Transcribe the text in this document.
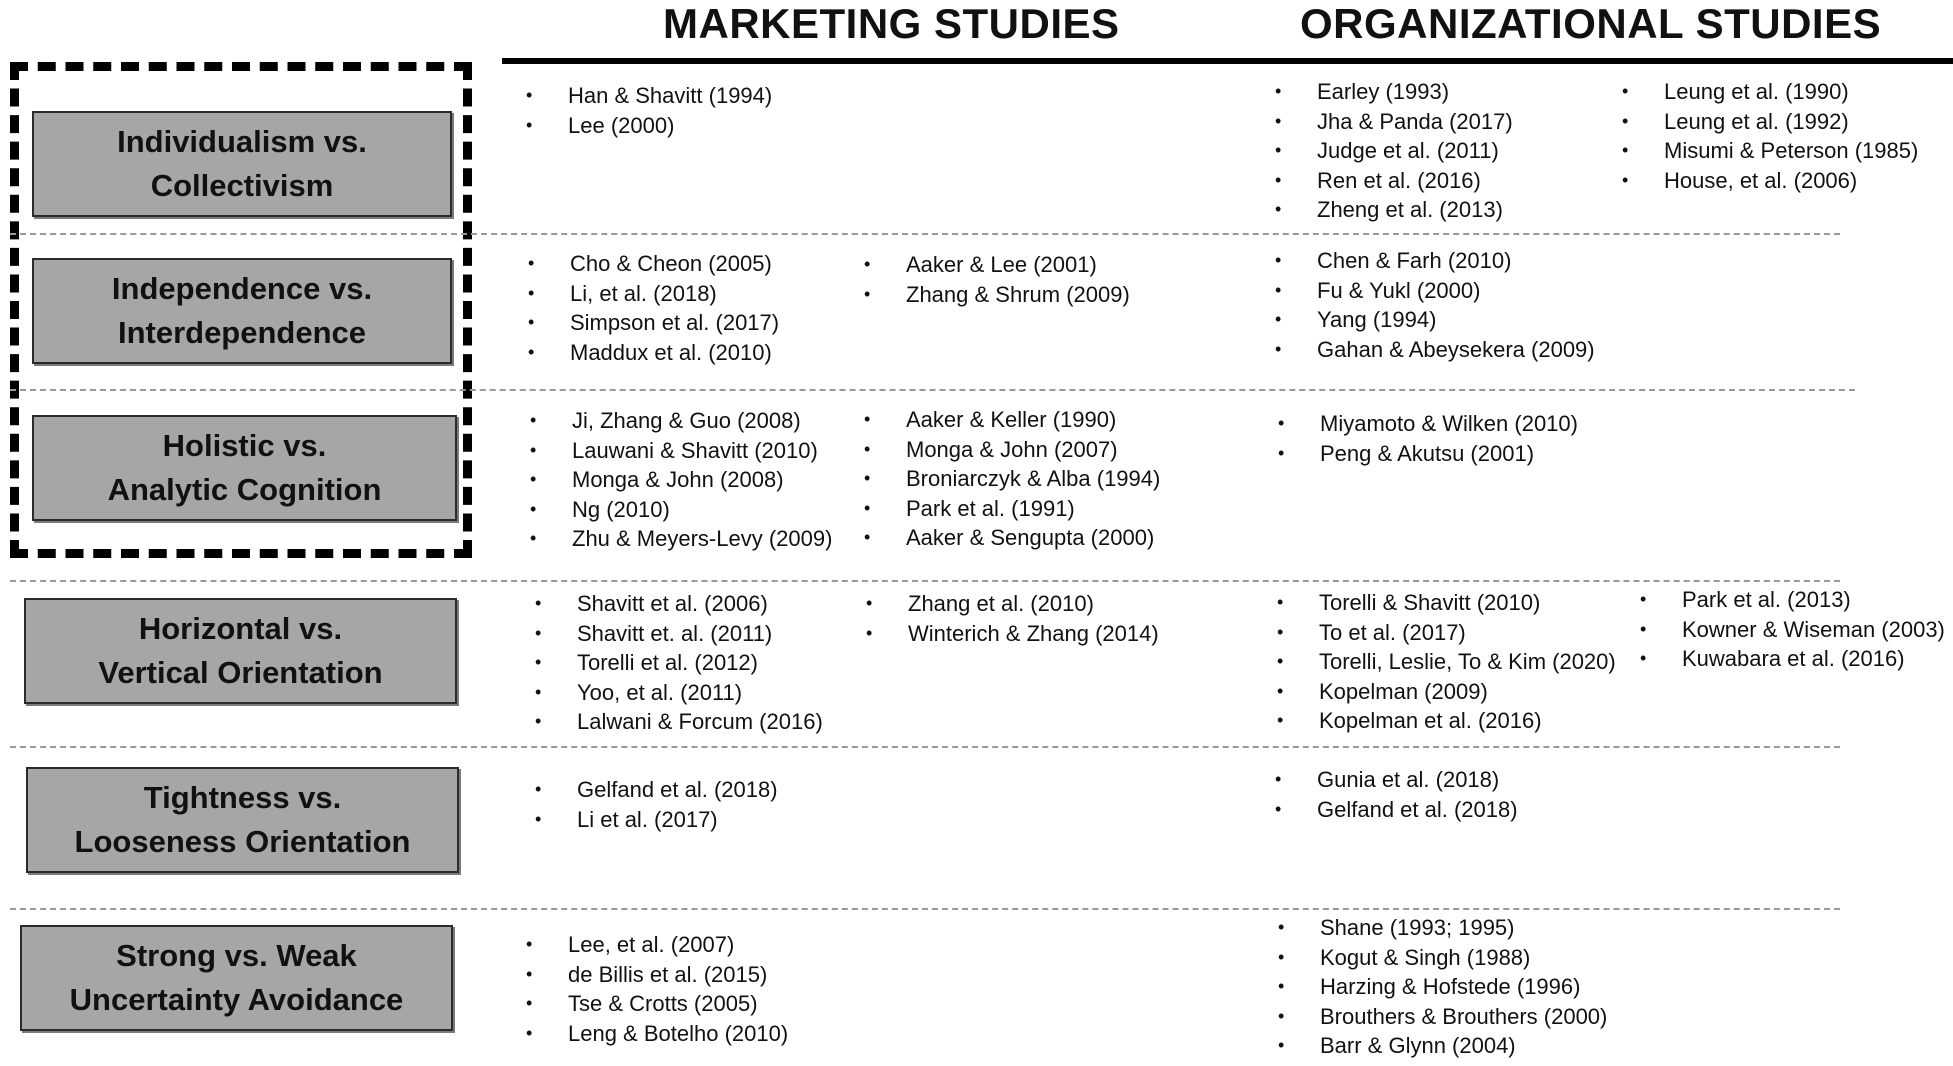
MARKETING STUDIES	ORGANIZATIONAL STUDIES
Individualism vs.
Collectivism
Independence vs.
Interdependence
Holistic vs.
Analytic Cognition
Horizontal vs.
Vertical Orientation
Tightness vs.
Looseness Orientation
Strong vs. Weak
Uncertainty Avoidance
• Han & Shavitt (1994)
• Lee (2000)
• Earley (1993)
• Jha & Panda (2017)
• Judge et al. (2011)
• Ren et al. (2016)
• Zheng et al. (2013)
• Leung et al. (1990)
• Leung et al. (1992)
• Misumi & Peterson (1985)
• House, et al. (2006)
• Cho & Cheon (2005)
• Li, et al. (2018)
• Simpson et al. (2017)
• Maddux et al. (2010)
• Aaker & Lee (2001)
• Zhang & Shrum (2009)
• Chen & Farh (2010)
• Fu & Yukl (2000)
• Yang (1994)
• Gahan & Abeysekera (2009)
• Ji, Zhang & Guo (2008)
• Lauwani & Shavitt (2010)
• Monga & John (2008)
• Ng (2010)
• Zhu & Meyers-Levy (2009)
• Aaker & Keller (1990)
• Monga & John (2007)
• Broniarczyk & Alba (1994)
• Park et al. (1991)
• Aaker & Sengupta (2000)
• Miyamoto & Wilken (2010)
• Peng & Akutsu (2001)
• Shavitt et al. (2006)
• Shavitt et. al. (2011)
• Torelli et al. (2012)
• Yoo, et al. (2011)
• Lalwani & Forcum (2016)
• Zhang et al. (2010)
• Winterich & Zhang (2014)
• Torelli & Shavitt (2010)
• To et al. (2017)
• Torelli, Leslie, To & Kim (2020)
• Kopelman (2009)
• Kopelman et al. (2016)
• Park et al. (2013)
• Kowner & Wiseman (2003)
• Kuwabara et al. (2016)
• Gelfand et al. (2018)
• Li et al. (2017)
• Gunia et al. (2018)
• Gelfand et al. (2018)
• Lee, et al. (2007)
• de Billis et al. (2015)
• Tse & Crotts (2005)
• Leng & Botelho (2010)
• Shane (1993; 1995)
• Kogut & Singh (1988)
• Harzing & Hofstede (1996)
• Brouthers & Brouthers (2000)
• Barr & Glynn (2004)
